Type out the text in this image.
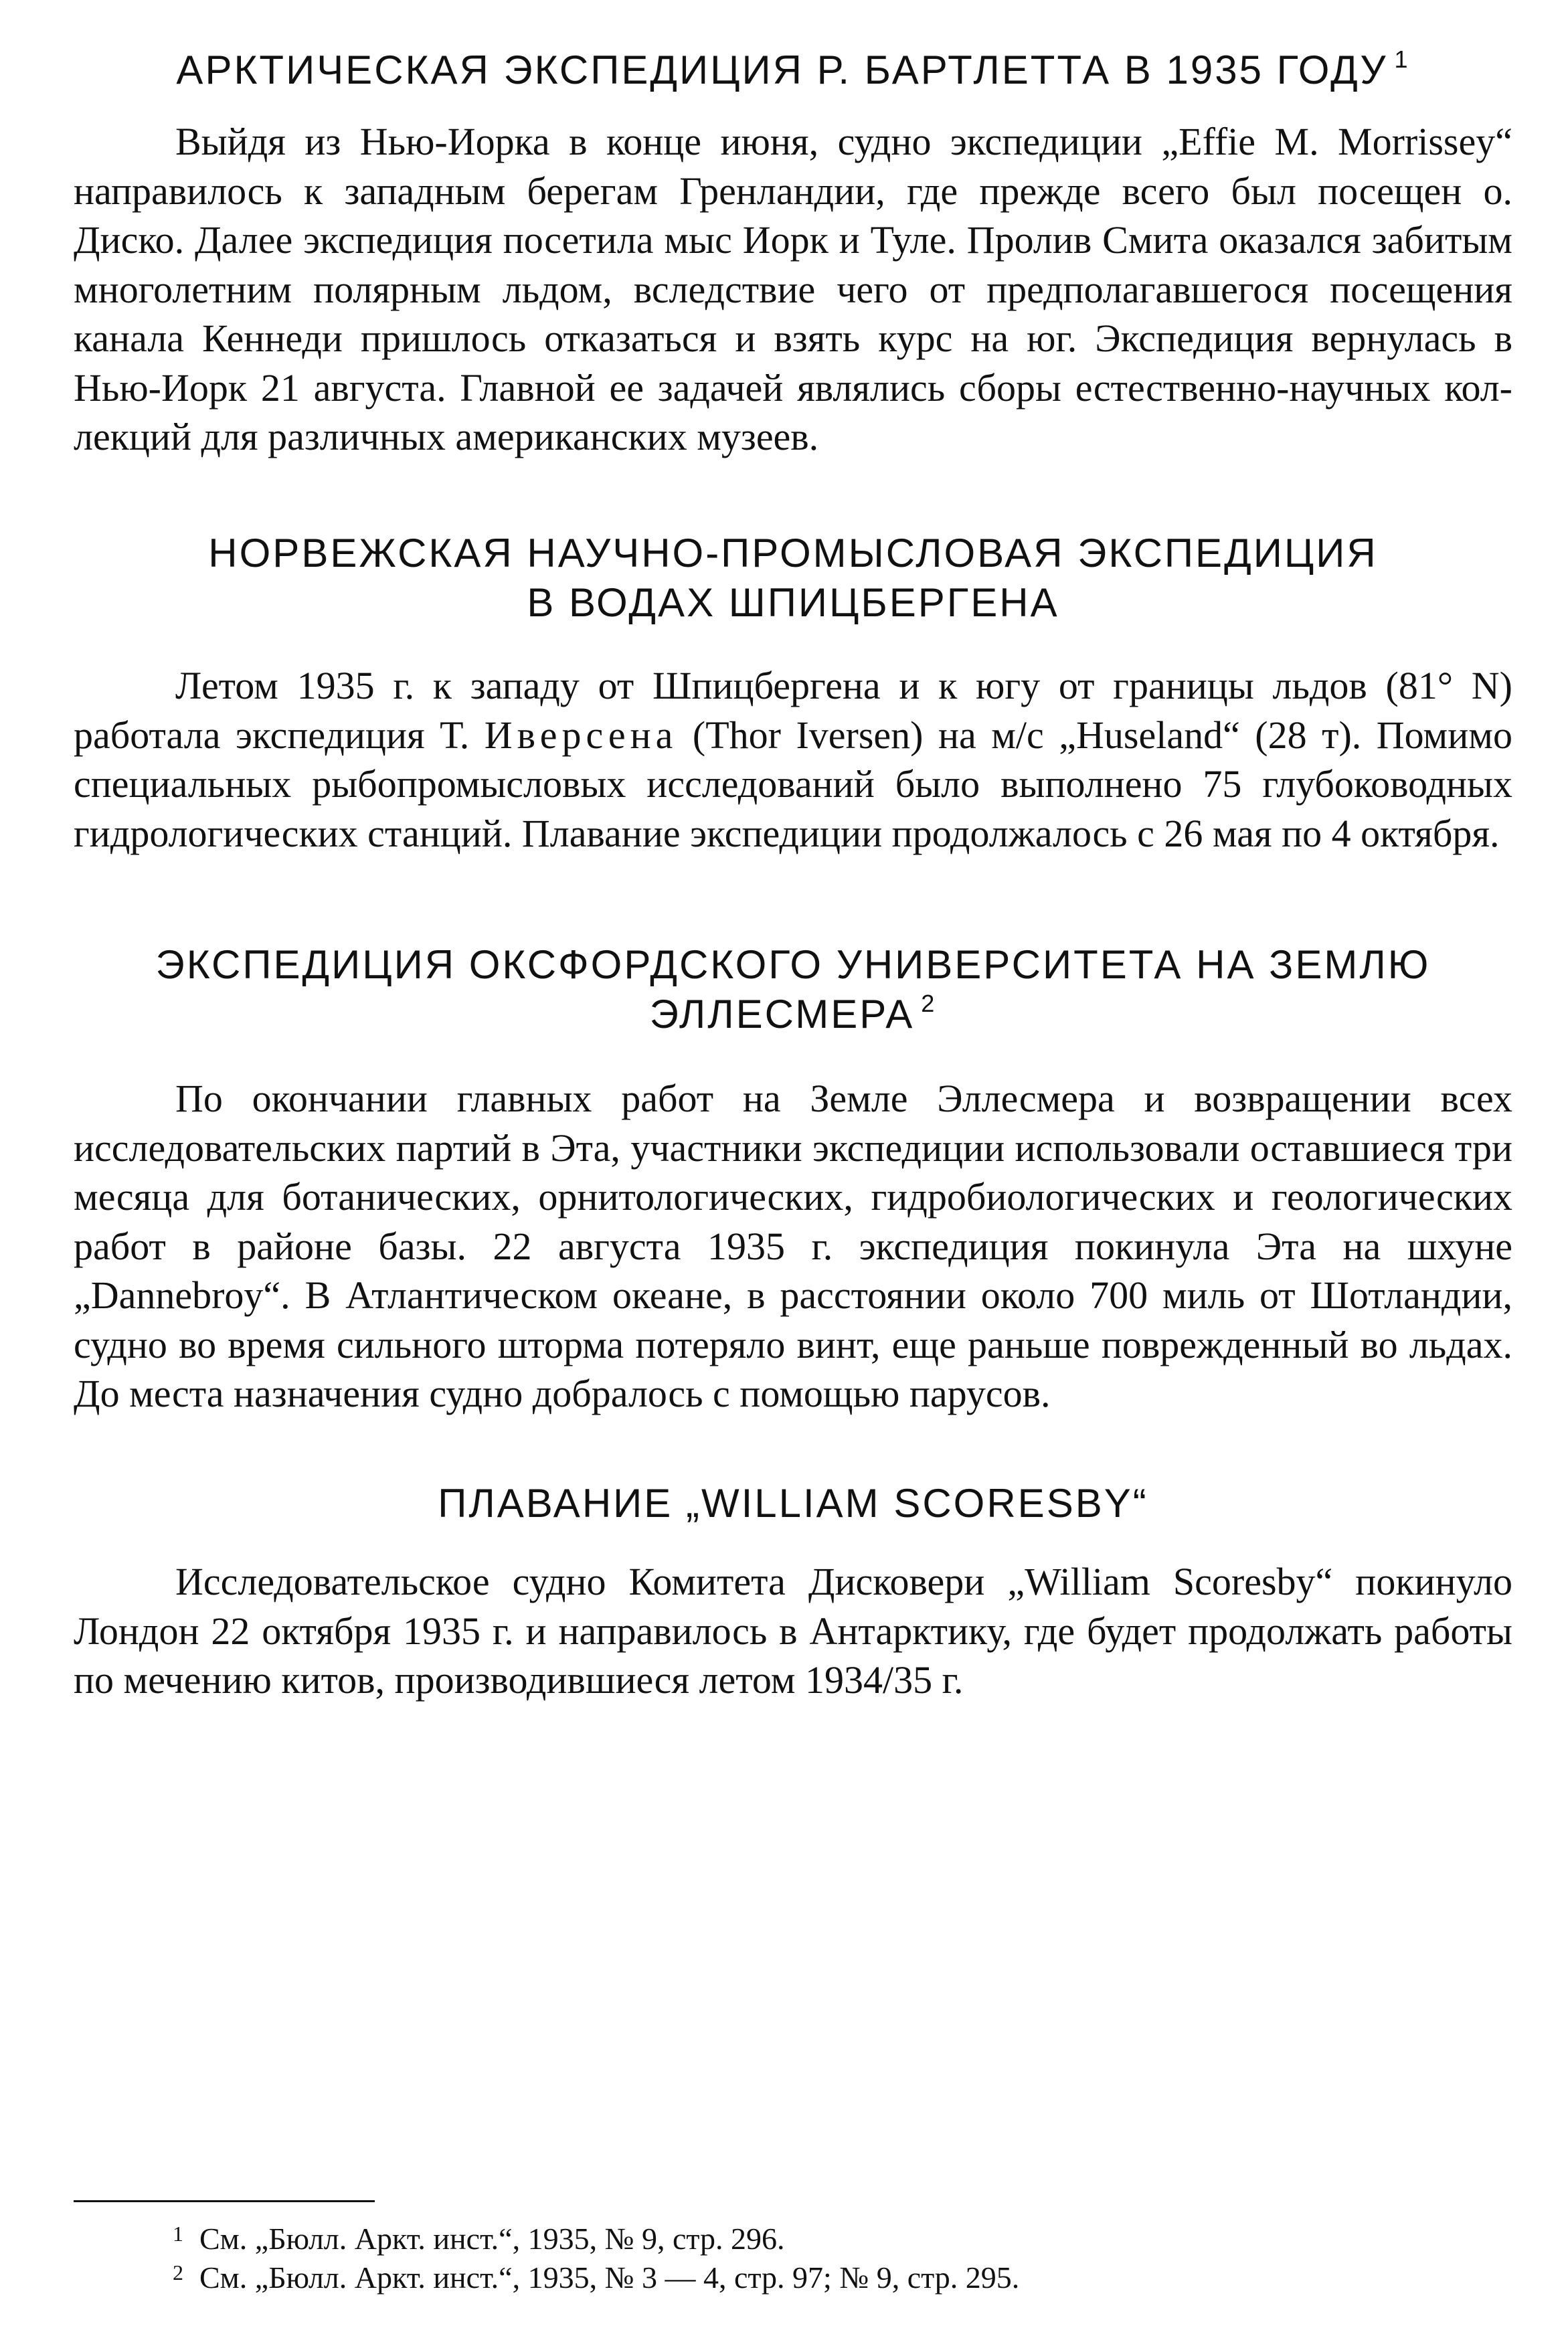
АРКТИЧЕСКАЯ ЭКСПЕДИЦИЯ Р. БАРТЛЕТТА В 1935 ГОДУ $^1$

Выйдя из Нью-Иорка в конце июня, судно экспедиции „Effie M. Morrissey“ направилось к западным берегам Гренландии, где прежде всего был посещен о. Диско. Далее экспедиция посетила мыс Иорк и Туле. Пролив Смита оказался забитым многолетним полярным льдом, вследствие чего от предполагавшегося посещения канала Кеннеди пришлось отказаться и взять курс на юг. Экспедиция вернулась в Нью-Иорк 21 августа. Главной ее задачей являлись сборы естественно-научных коллекций для различных американских музеев.

НОРВЕЖСКАЯ НАУЧНО-ПРОМЫСЛОВАЯ ЭКСПЕДИЦИЯ
В ВОДАХ ШПИЦБЕРГЕНА

Летом 1935 г. к западу от Шпицбергена и к югу от границы льдов (81° N) работала экспедиция Т. Иверсена (Thor Iversen) на м/с „Huseland“ (28 т). Помимо специальных рыбопромысловых исследований было выполнено 75 глубоководных гидрологических станций. Плавание экспедиции продолжалось с 26 мая по 4 октября.

ЭКСПЕДИЦИЯ ОКСФОРДСКОГО УНИВЕРСИТЕТА НА ЗЕМЛЮ
ЭЛЛЕСМЕРА $^2$

По окончании главных работ на Земле Эллесмера и возвращении всех исследовательских партий в Эта, участники экспедиции использовали оставшиеся три месяца для ботанических, орнитологических, гидробиологических и геологических работ в районе базы. 22 августа 1935 г. экспедиция покинула Эта на шхуне „Dannebroy“. В Атлантическом океане, в расстоянии около 700 миль от Шотландии, судно во время сильного шторма потеряло винт, еще раньше поврежденный во льдах. До места назначения судно добралось с помощью парусов.

ПЛАВАНИЕ „WILLIAM SCORESBY“

Исследовательское судно Комитета Дисковери „William Scoresby“ покинуло Лондон 22 октября 1935 г. и направилось в Антарктику, где будет продолжать работы по мечению китов, производившиеся летом 1934/35 г.

1 См. „Бюлл. Аркт. инст.“, 1935, № 9, стр. 296.

2 См. „Бюлл. Аркт. инст.“, 1935, № 3 — 4, стр. 97; № 9, стр. 295.
